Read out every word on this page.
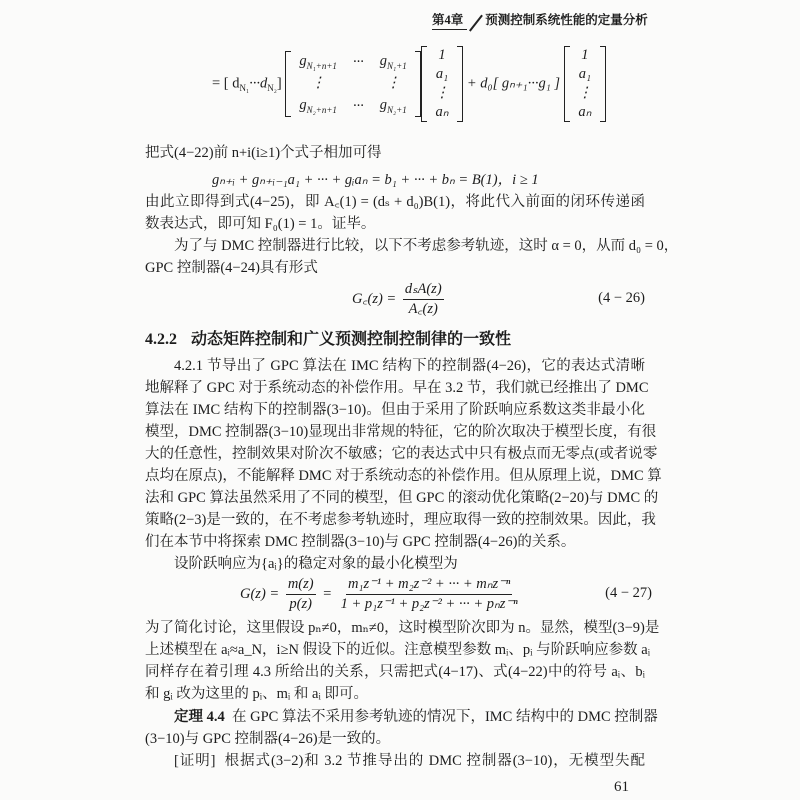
第4章 预测控制系统性能的定量分析
= [ $d_{N_1}\cdot\cdot\cdot d_{N_2}$]
$g_{N_1+n+1}$	···	$g_{N_1+1}$
⋮		⋮
$g_{N_2+n+1}$	···	$g_{N_2+1}$
1
a₁
⋮
aₙ
+ d₀[ gₙ₊₁···g₁ ]
1
a₁
⋮
aₙ
把式(4−22)前 n+i(i≥1)个式子相加可得
gₙ₊ᵢ + gₙ₊ᵢ₋₁a₁ + ··· + gᵢaₙ = b₁ + ··· + bₙ = B(1)，i ≥ 1
由此立即得到式(4−25)，即 A꜀(1) = (dₛ + d₀)B(1)，将此代入前面的闭环传递函
数表达式，即可知 F₀(1) = 1。证毕。
为了与 DMC 控制器进行比较，以下不考虑参考轨迹，这时 α = 0，从而 d₀ = 0，
GPC 控制器(4−24)具有形式
G꜀(z) = $\frac{\text{dₛA(z)}}{A꜀(z)}$	(4 − 26)
4.2.2 动态矩阵控制和广义预测控制控制律的一致性
4.2.1 节导出了 GPC 算法在 IMC 结构下的控制器(4−26)，它的表达式清晰
地解释了 GPC 对于系统动态的补偿作用。早在 3.2 节，我们就已经推出了 DMC
算法在 IMC 结构下的控制器(3−10)。但由于采用了阶跃响应系数这类非最小化
模型，DMC 控制器(3−10)显现出非常规的特征，它的阶次取决于模型长度，有很
大的任意性，控制效果对阶次不敏感；它的表达式中只有极点而无零点(或者说零
点均在原点)，不能解释 DMC 对于系统动态的补偿作用。但从原理上说，DMC 算
法和 GPC 算法虽然采用了不同的模型，但 GPC 的滚动优化策略(2−20)与 DMC 的
策略(2−3)是一致的，在不考虑参考轨迹时，理应取得一致的控制效果。因此，我
们在本节中将探索 DMC 控制器(3−10)与 GPC 控制器(4−26)的关系。
设阶跃响应为{aᵢ}的稳定对象的最小化模型为
$G(z) = \frac{m(z)}{p(z)} = \frac{\text{m₁z⁻¹ + m₂z⁻² + ··· + mₙz⁻ⁿ}}{\text{1 + p₁z⁻¹ + p₂z⁻² + ··· + pₙz⁻ⁿ}}$	(4 − 27)
为了简化讨论，这里假设 pₙ≠0，mₙ≠0，这时模型阶次即为 n。显然，模型(3−9)是
上述模型在 aᵢ≈a_N，i≥N 假设下的近似。注意模型参数 mᵢ、pᵢ 与阶跃响应参数 aᵢ
同样存在着引理 4.3 所给出的关系，只需把式(4−17)、式(4−22)中的符号 aᵢ、bᵢ
和 gᵢ 改为这里的 pᵢ、mᵢ 和 aᵢ 即可。
定理 4.4 在 GPC 算法不采用参考轨迹的情况下，IMC 结构中的 DMC 控制器
(3−10)与 GPC 控制器(4−26)是一致的。
[证明] 根据式(3−2)和 3.2 节推导出的 DMC 控制器(3−10)，无模型失配
61
